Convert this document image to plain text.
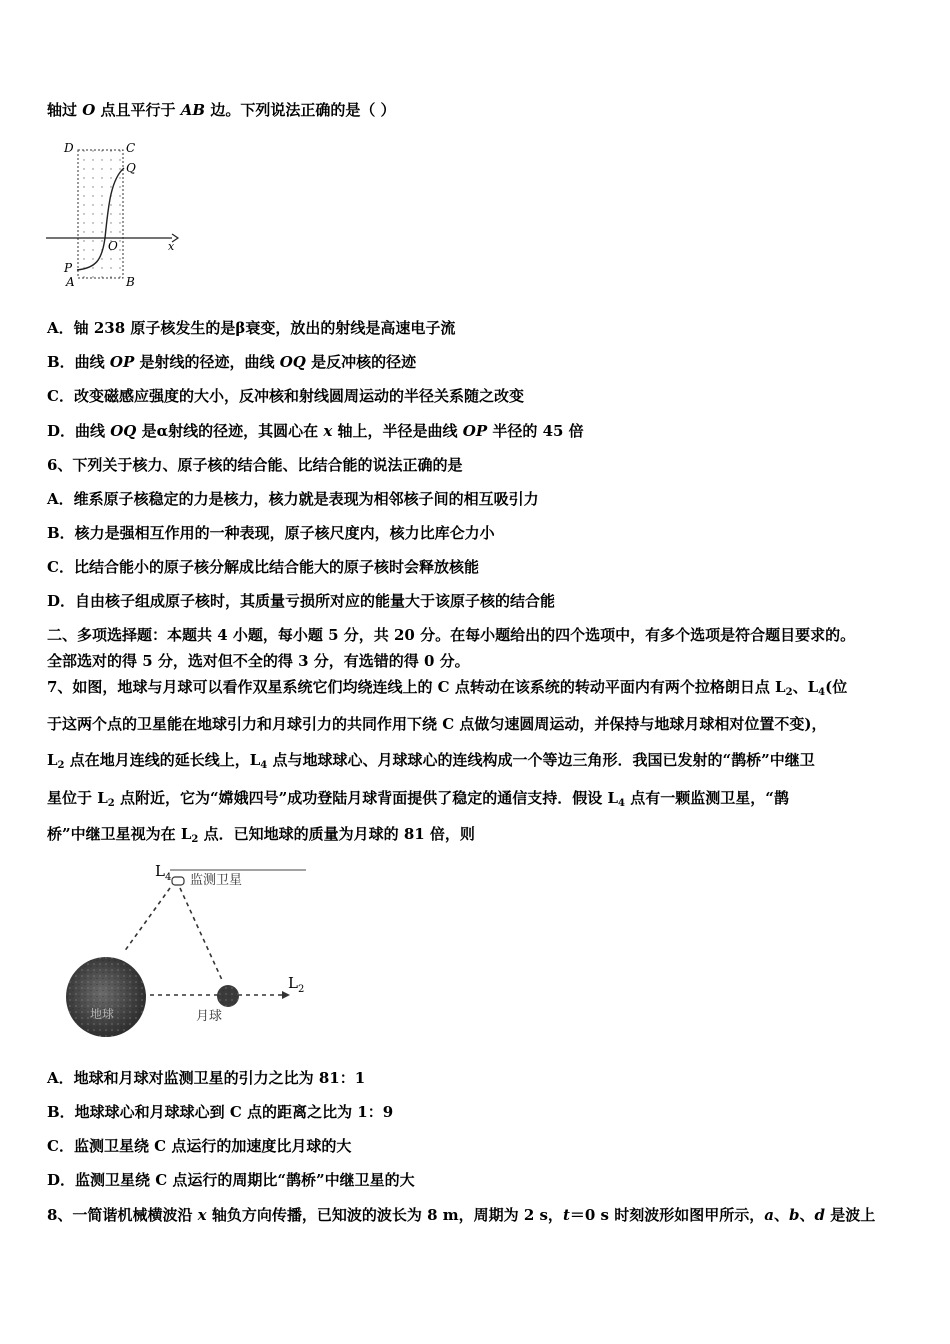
轴过 O 点且平行于 AB 边。下列说法正确的是（ ）
D	C
Q
O	x
P
A	B
A．铀 238 原子核发生的是β衰变，放出的射线是高速电子流
B．曲线 OP 是射线的径迹，曲线 OQ 是反冲核的径迹
C．改变磁感应强度的大小，反冲核和射线圆周运动的半径关系随之改变
D．曲线 OQ 是α射线的径迹，其圆心在 x 轴上，半径是曲线 OP 半径的 45 倍
6、下列关于核力、原子核的结合能、比结合能的说法正确的是
A．维系原子核稳定的力是核力，核力就是表现为相邻核子间的相互吸引力
B．核力是强相互作用的一种表现，原子核尺度内，核力比库仑力小
C．比结合能小的原子核分解成比结合能大的原子核时会释放核能
D．自由核子组成原子核时，其质量亏损所对应的能量大于该原子核的结合能
二、多项选择题：本题共 4 小题，每小题 5 分，共 20 分。在每小题给出的四个选项中，有多个选项是符合题目要求的。
全部选对的得 5 分，选对但不全的得 3 分，有选错的得 0 分。
7、如图，地球与月球可以看作双星系统它们均绕连线上的 C 点转动在该系统的转动平面内有两个拉格朗日点 $L_2$、$L_4$(位
于这两个点的卫星能在地球引力和月球引力的共同作用下绕 C 点做匀速圆周运动，并保持与地球月球相对位置不变)，
$L_2$ 点在地月连线的延长线上，$L_4$ 点与地球球心、月球球心的连线构成一个等边三角形．我国已发射的“鹊桥”中继卫
星位于 $L_2$ 点附近，它为“嫦娥四号”成功登陆月球背面提供了稳定的通信支持．假设 $L_4$ 点有一颗监测卫星，“鹊
桥”中继卫星视为在 $L_2$ 点．已知地球的质量为月球的 81 倍，则
$L_4$ 监测卫星
$L_2$
地球	月球
A．地球和月球对监测卫星的引力之比为 81：1
B．地球球心和月球球心到 C 点的距离之比为 1：9
C．监测卫星绕 C 点运行的加速度比月球的大
D．监测卫星绕 C 点运行的周期比“鹊桥”中继卫星的大
8、一简谐机械横波沿 x 轴负方向传播，已知波的波长为 8 m，周期为 2 s，t＝0 s 时刻波形如图甲所示，a、b、d 是波上
